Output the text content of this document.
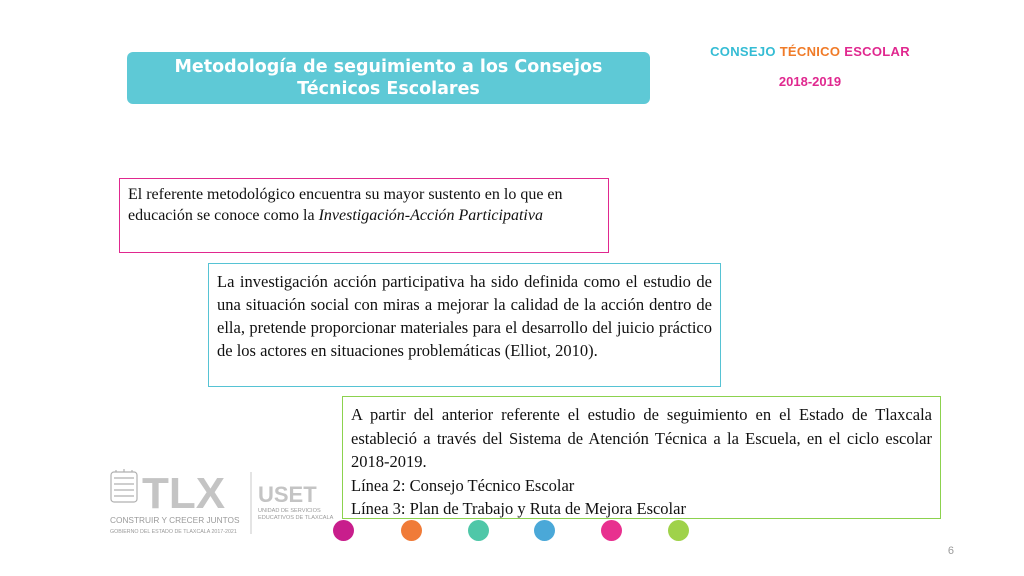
Metodología de seguimiento a los Consejos
Técnicos Escolares
CONSEJO TÉCNICO ESCOLAR
2018-2019
El referente metodológico encuentra su mayor sustento en lo que en educación se conoce como la Investigación-Acción Participativa
La investigación acción participativa ha sido definida como el estudio de una situación social con miras a mejorar la calidad de la acción dentro de ella, pretende proporcionar materiales para el desarrollo del juicio práctico de los actores en situaciones problemáticas (Elliot, 2010).
A partir del anterior referente el estudio de seguimiento en el Estado de Tlaxcala estableció a través del Sistema de Atención Técnica a la Escuela, en el ciclo escolar 2018-2019.
Línea 2: Consejo Técnico Escolar
Línea 3: Plan de Trabajo y Ruta de Mejora Escolar
TLX
CONSTRUIR Y CRECER JUNTOS
GOBIERNO DEL ESTADO DE TLAXCALA 2017-2021
USET
UNIDAD DE SERVICIOS
EDUCATIVOS DE TLAXCALA
6
